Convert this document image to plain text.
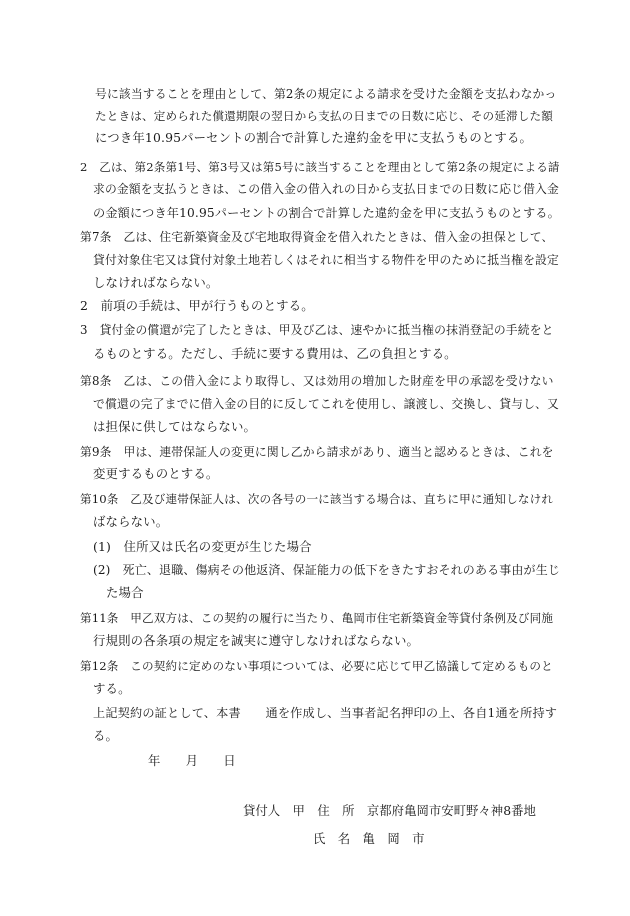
号に該当することを理由として、第2条の規定による請求を受けた金額を支払わなかっ
たときは、定められた償還期限の翌日から支払の日までの日数に応じ、その延滞した額
につき年10.95パーセントの割合で計算した違約金を甲に支払うものとする。
2　乙は、第2条第1号、第3号又は第5号に該当することを理由として第2条の規定による請
求の金額を支払うときは、この借入金の借入れの日から支払日までの日数に応じ借入金
の金額につき年10.95パーセントの割合で計算した違約金を甲に支払うものとする。
第7条　乙は、住宅新築資金及び宅地取得資金を借入れたときは、借入金の担保として、
貸付対象住宅又は貸付対象土地若しくはそれに相当する物件を甲のために抵当権を設定
しなければならない。
2　前項の手続は、甲が行うものとする。
3　貸付金の償還が完了したときは、甲及び乙は、速やかに抵当権の抹消登記の手続をと
るものとする。ただし、手続に要する費用は、乙の負担とする。
第8条　乙は、この借入金により取得し、又は効用の増加した財産を甲の承認を受けない
で償還の完了までに借入金の目的に反してこれを使用し、譲渡し、交換し、貸与し、又
は担保に供してはならない。
第9条　甲は、連帯保証人の変更に関し乙から請求があり、適当と認めるときは、これを
変更するものとする。
第10条　乙及び連帯保証人は、次の各号の一に該当する場合は、直ちに甲に通知しなけれ
ばならない。
(1)　住所又は氏名の変更が生じた場合
(2)　死亡、退職、傷病その他返済、保証能力の低下をきたすおそれのある事由が生じ
た場合
第11条　甲乙双方は、この契約の履行に当たり、亀岡市住宅新築資金等貸付条例及び同施
行規則の各条項の規定を誠実に遵守しなければならない。
第12条　この契約に定めのない事項については、必要に応じて甲乙協議して定めるものと
する。
上記契約の証として、本書　　通を作成し、当事者記名押印の上、各自1通を所持す
る。
年　　月　　日
貸付人　甲　住　所　京都府亀岡市安町野々神8番地
氏　名　亀　岡　市
